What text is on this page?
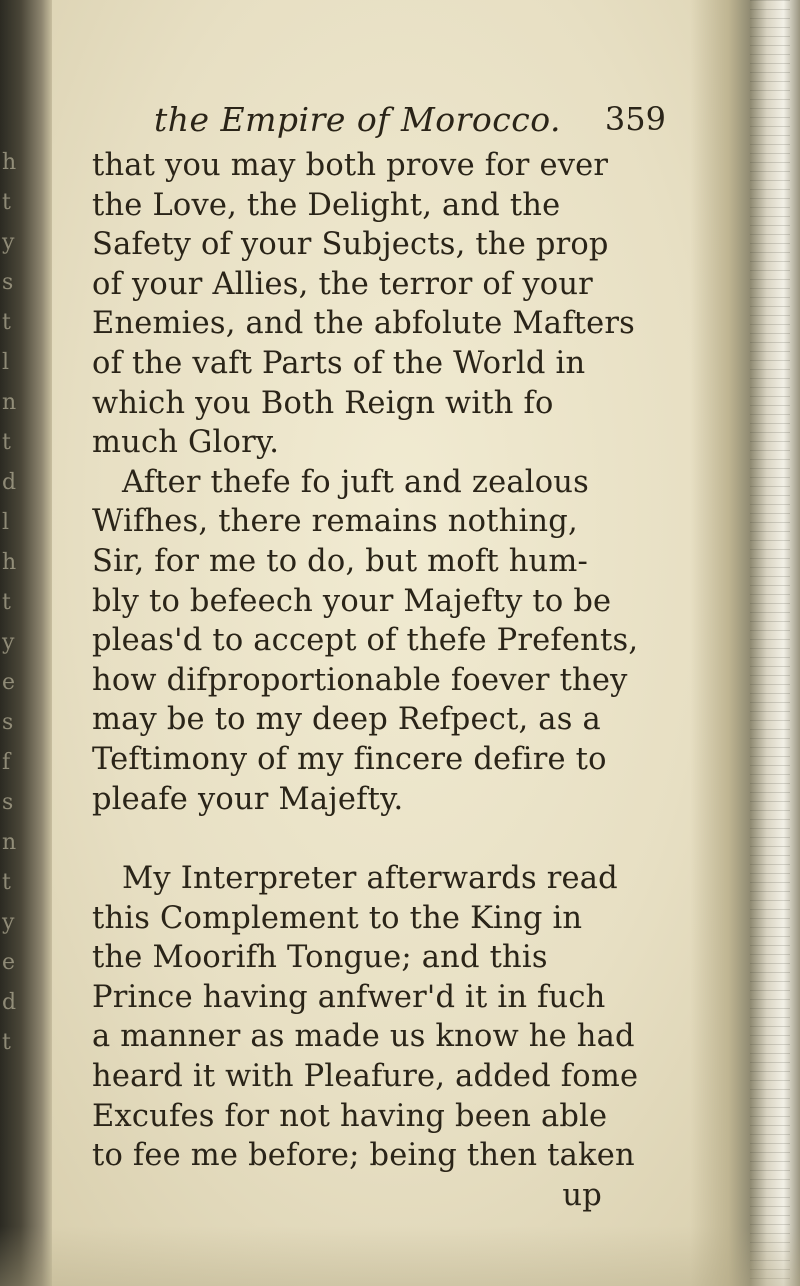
h
t
y
s
t
l
n
t
d
l
h
t
y
e
s
f
s
n
t
y
e
d
t
the Empire of Morocco. 359
that you may both prove for ever
the Love, the Delight, and the
Safety of your Subjects, the prop
of your Allies, the terror of your
Enemies, and the abfolute Mafters
of the vaft Parts of the World in
which you Both Reign with fo
much Glory.
After thefe fo juft and zealous
Wifhes, there remains nothing,
Sir, for me to do, but moft hum-
bly to befeech your Majefty to be
pleas'd to accept of thefe Prefents,
how difproportionable foever they
may be to my deep Refpect, as a
Teftimony of my fincere defire to
pleafe your Majefty.
My Interpreter afterwards read
this Complement to the King in
the Moorifh Tongue; and this
Prince having anfwer'd it in fuch
a manner as made us know he had
heard it with Pleafure, added fome
Excufes for not having been able
to fee me before; being then taken
up
